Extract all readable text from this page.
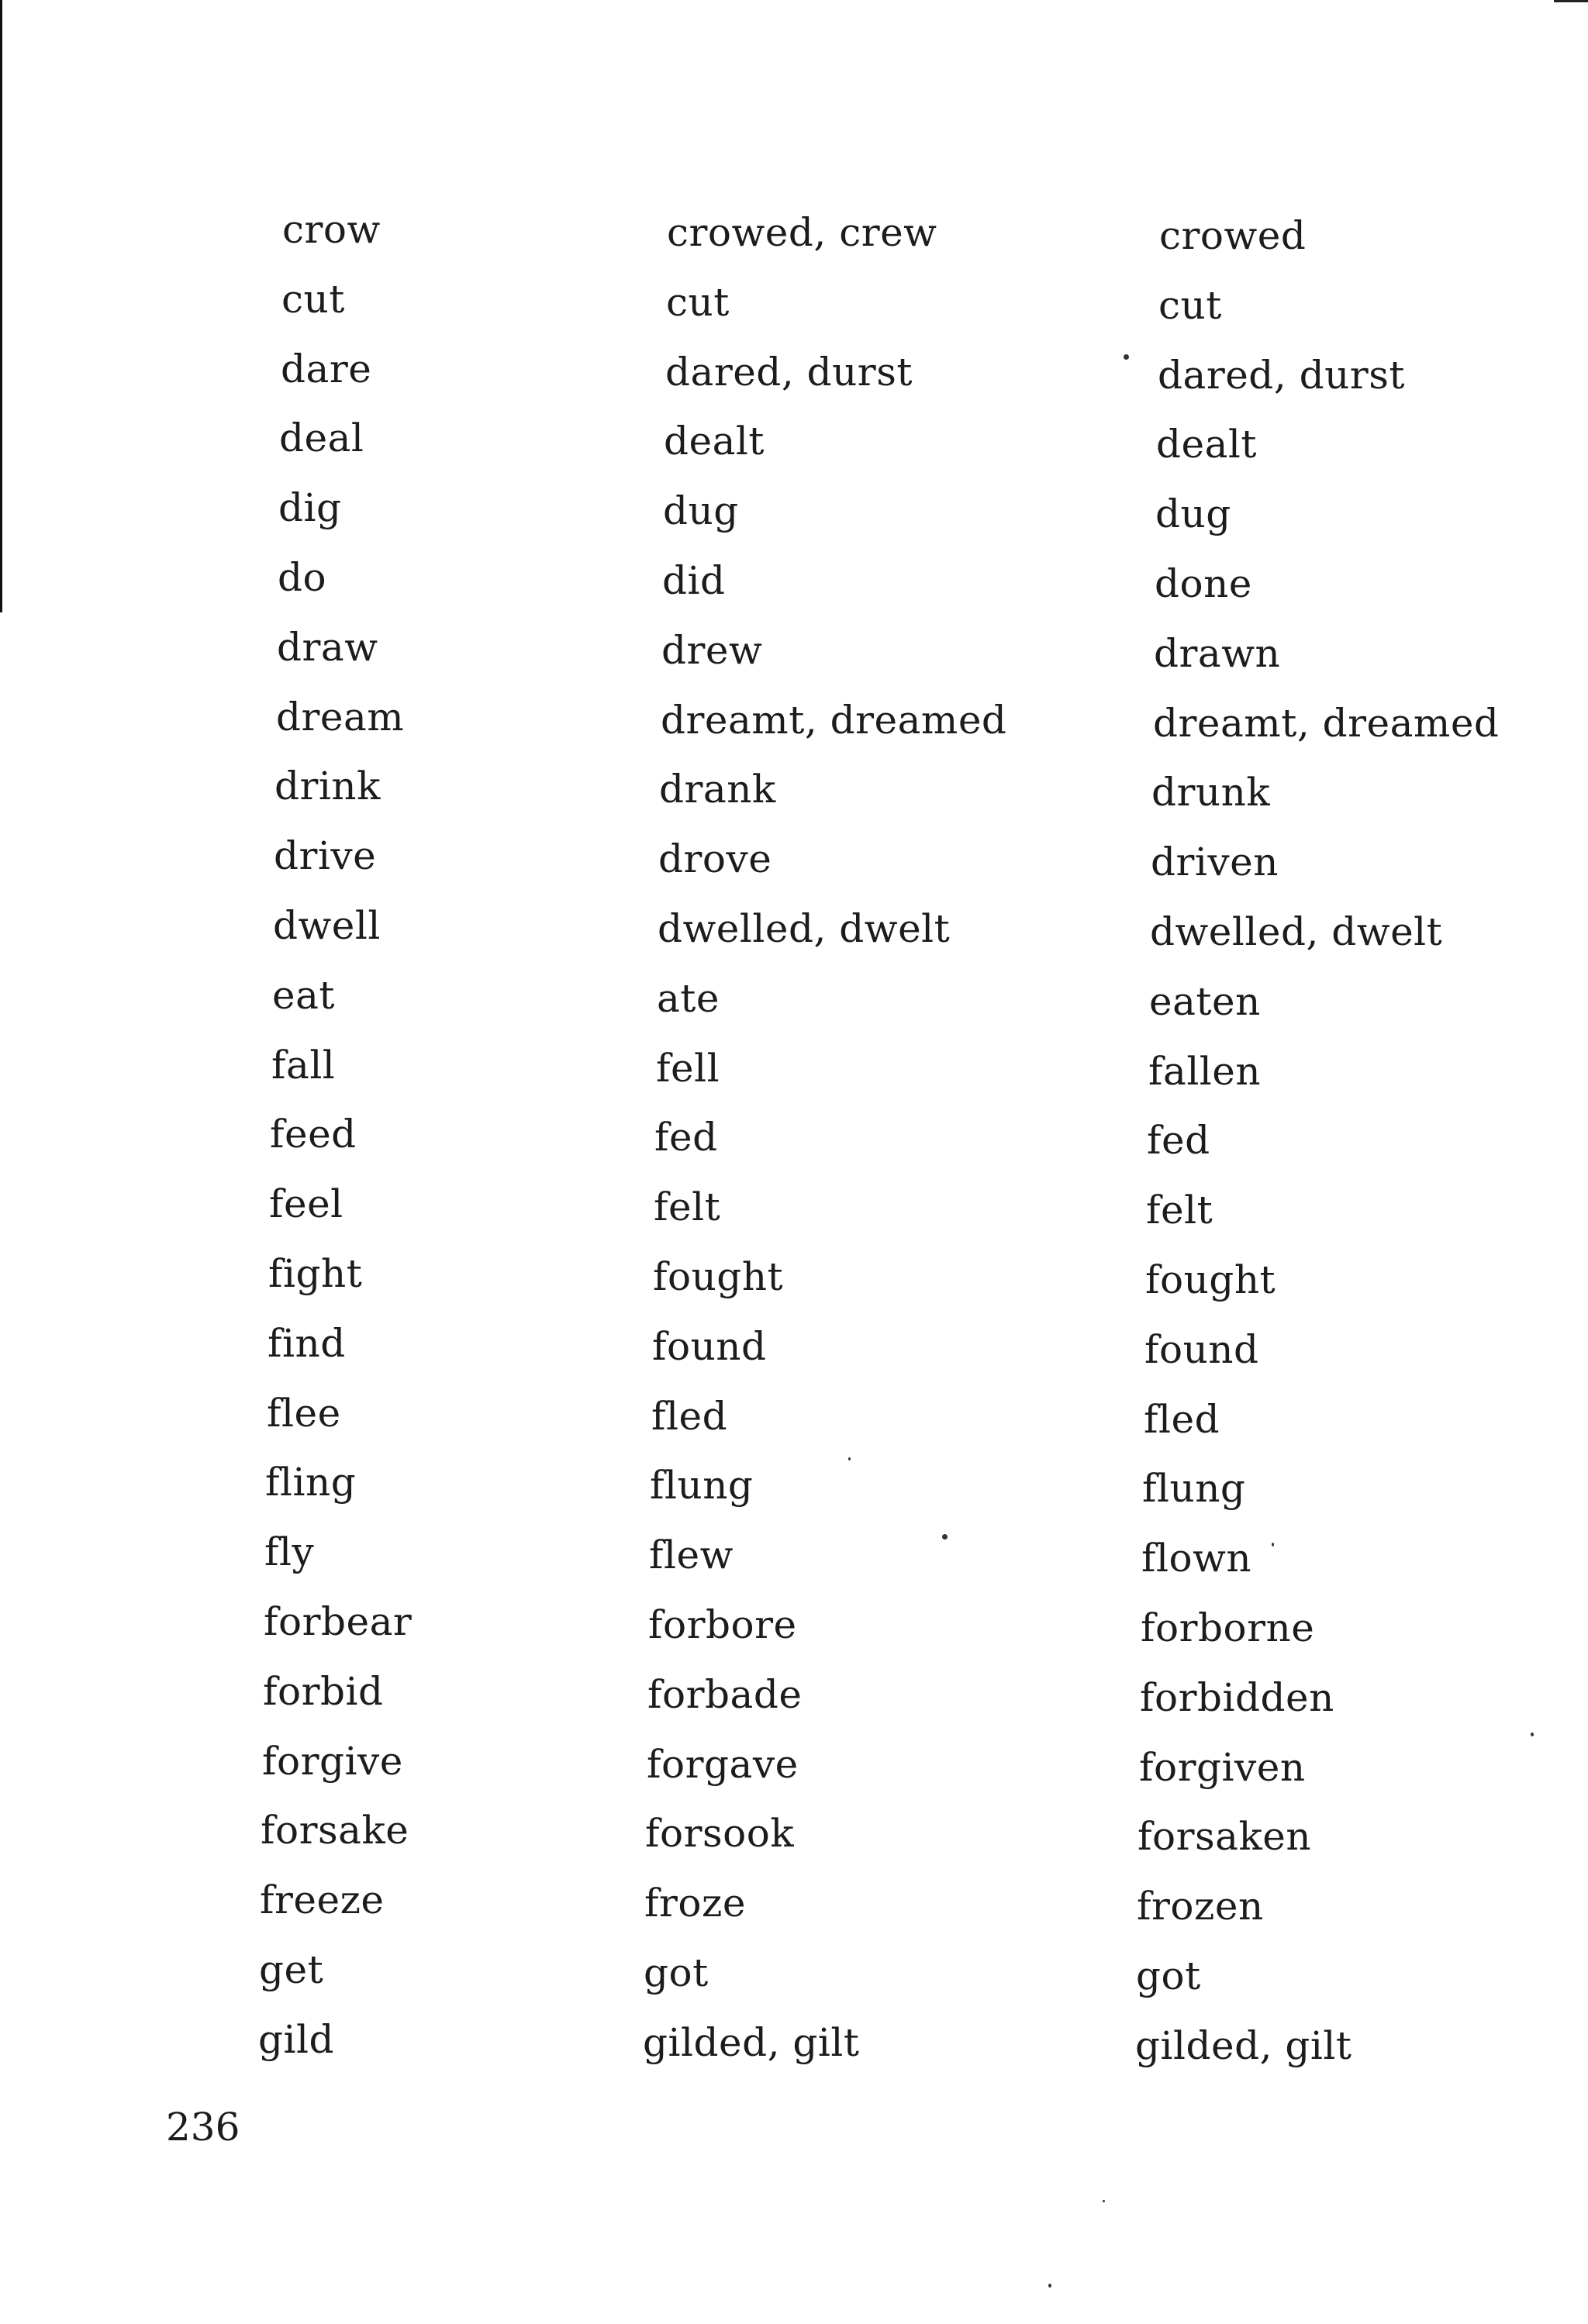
crow	crowed, crew	crowed
cut	cut	cut
dare	dared, durst	dared, durst
deal	dealt	dealt
dig	dug	dug
do	did	done
draw	drew	drawn
dream	dreamt, dreamed	dreamt, dreamed
drink	drank	drunk
drive	drove	driven
dwell	dwelled, dwelt	dwelled, dwelt
eat	ate	eaten
fall	fell	fallen
feed	fed	fed
feel	felt	felt
fight	fought	fought
find	found	found
flee	fled	fled
fling	flung	flung
fly	flew	flown
forbear	forbore	forborne
forbid	forbade	forbidden
forgive	forgave	forgiven
forsake	forsook	forsaken
freeze	froze	frozen
get	got	got
gild	gilded, gilt	gilded, gilt
236
